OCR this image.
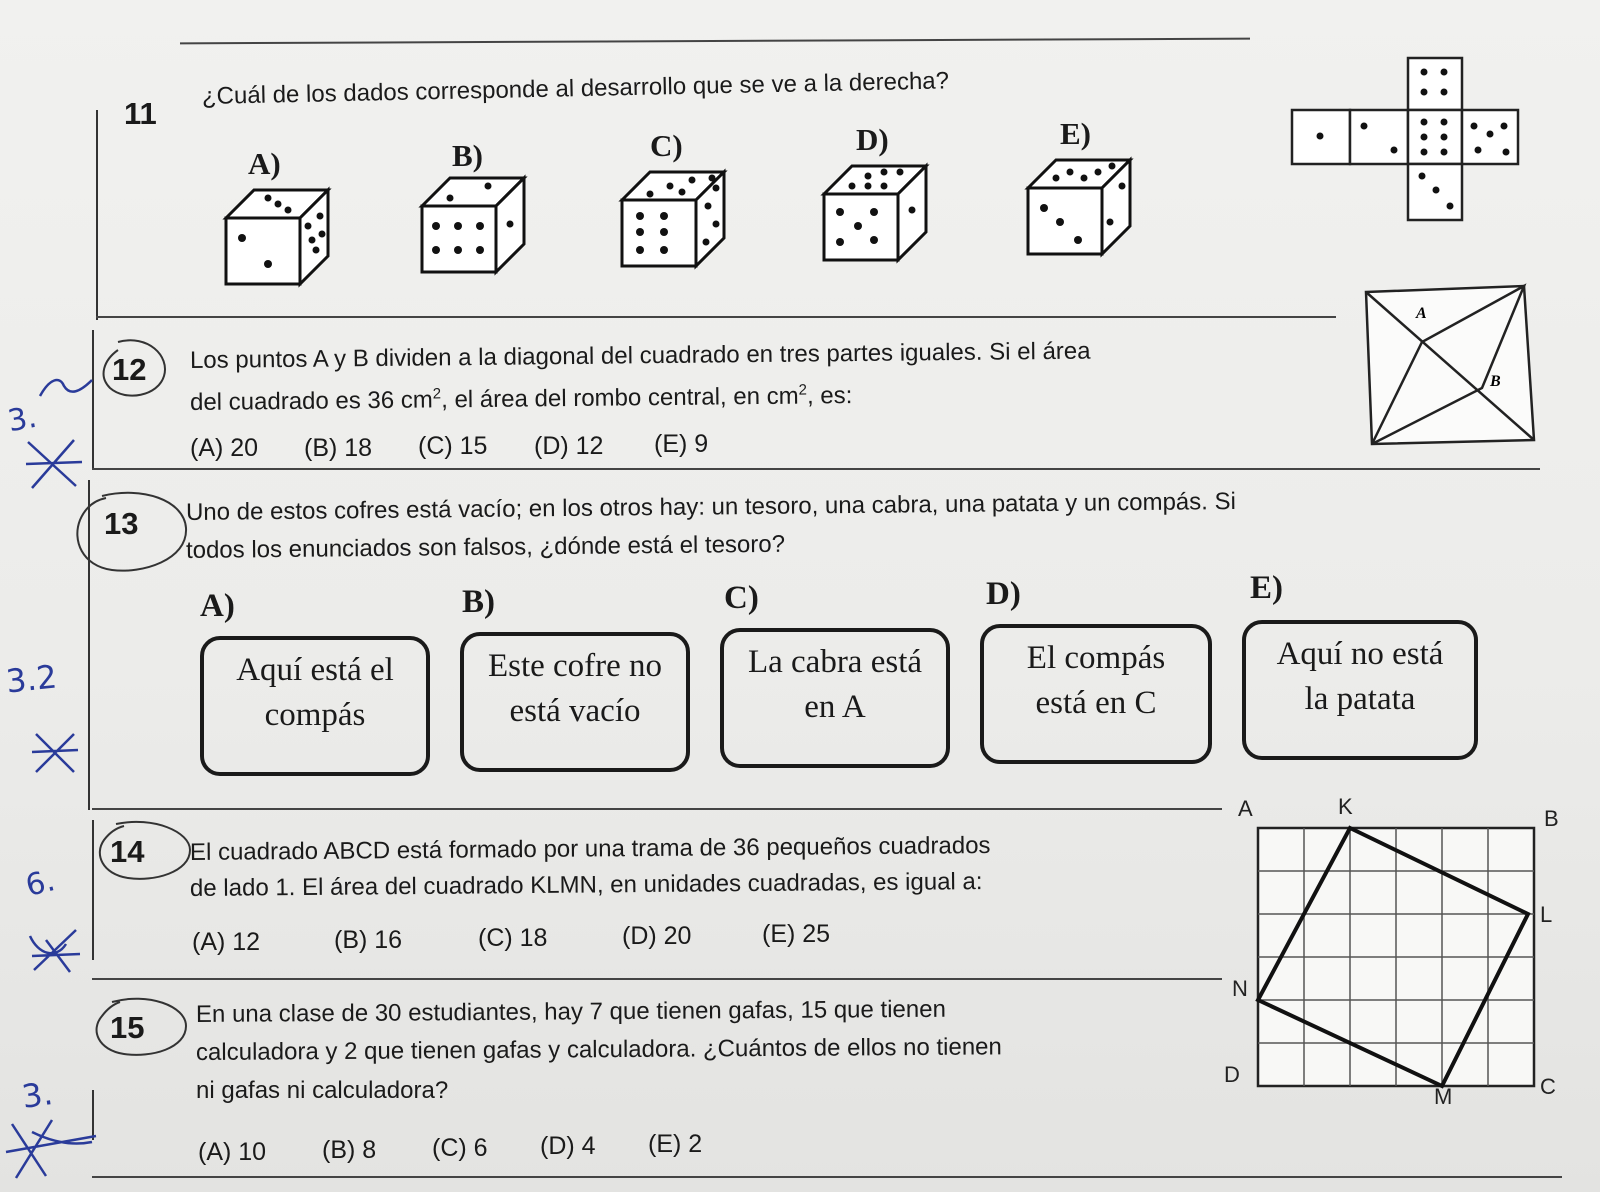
11
¿Cuál de los dados corresponde al desarrollo que se ve a la derecha?
A)	B)	C)	D)	E)
12 Los puntos A y B dividen a la diagonal del cuadrado en tres partes iguales. Si el área
del cuadrado es 36 $cm^2$, el área del rombo central, en $cm^2$, es:
(A) 20 (B) 18 (C) 15 (D) 12 (E) 9
A
B
13 Uno de estos cofres está vacío; en los otros hay: un tesoro, una cabra, una patata y un compás. Si
todos los enunciados son falsos, ¿dónde está el tesoro?
A)	B)	C)	D)	E)
Aquí está el
compás
Este cofre no
está vacío
La cabra está
en A
El compás
está en C
Aquí no está
la patata
14 El cuadrado ABCD está formado por una trama de 36 pequeños cuadrados
de lado 1. El área del cuadrado KLMN, en unidades cuadradas, es igual a:
(A) 12	(B) 16	(C) 18	(D) 20	(E) 25
A	K	B
L
N
D
M	C
15 En una clase de 30 estudiantes, hay 7 que tienen gafas, 15 que tienen
calculadora y 2 que tienen gafas y calculadora. ¿Cuántos de ellos no tienen
ni gafas ni calculadora?
(A) 10 (B) 8 (C) 6 (D) 4 (E) 2
3.
3.2
6.
3.
